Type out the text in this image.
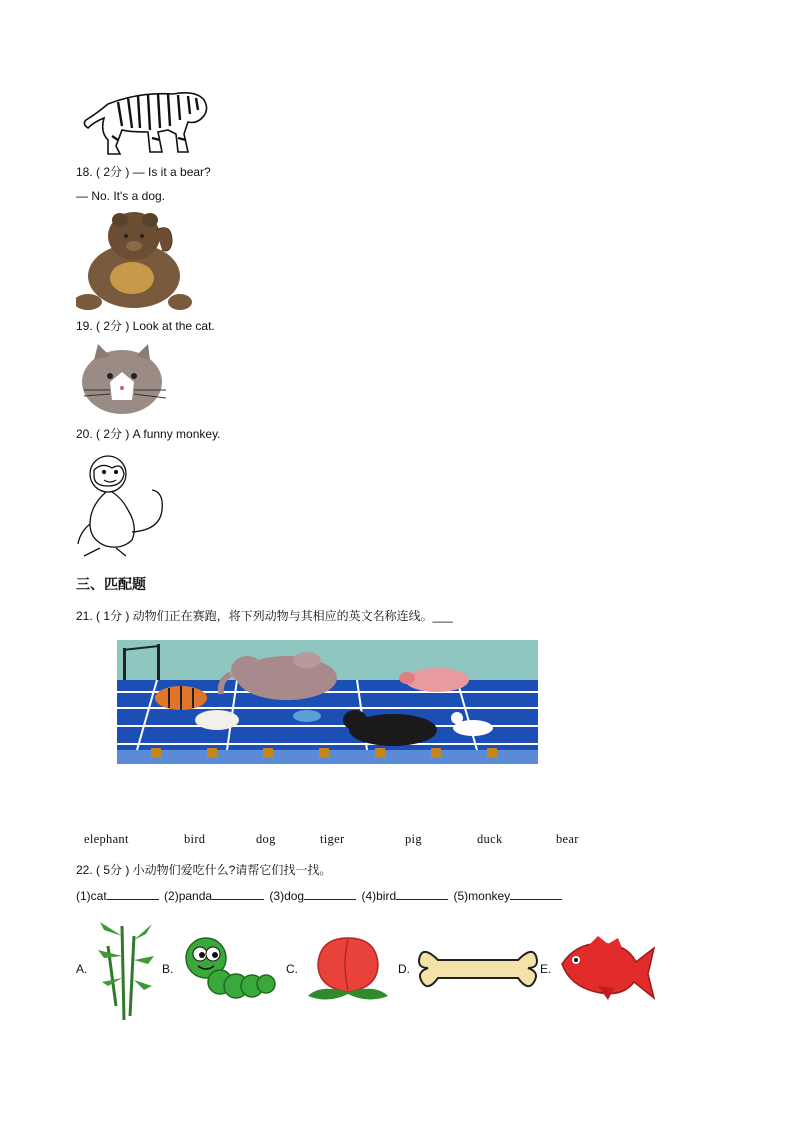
18. ( 2分 ) — Is it a bear?
— No. It's a dog.
19. ( 2分 ) Look at the cat.
20. ( 2分 ) A funny monkey.
三、匹配题
21. ( 1分 ) 动物们正在赛跑，将下列动物与其相应的英文名称连线。___
elephant	bird	dog	tiger	pig	duck	bear
22. ( 5分 ) 小动物们爱吃什么?请帮它们找一找。
(1)cat	(2)panda	(3)dog	(4)bird	(5)monkey
A.	B.	C.	D.	E.
